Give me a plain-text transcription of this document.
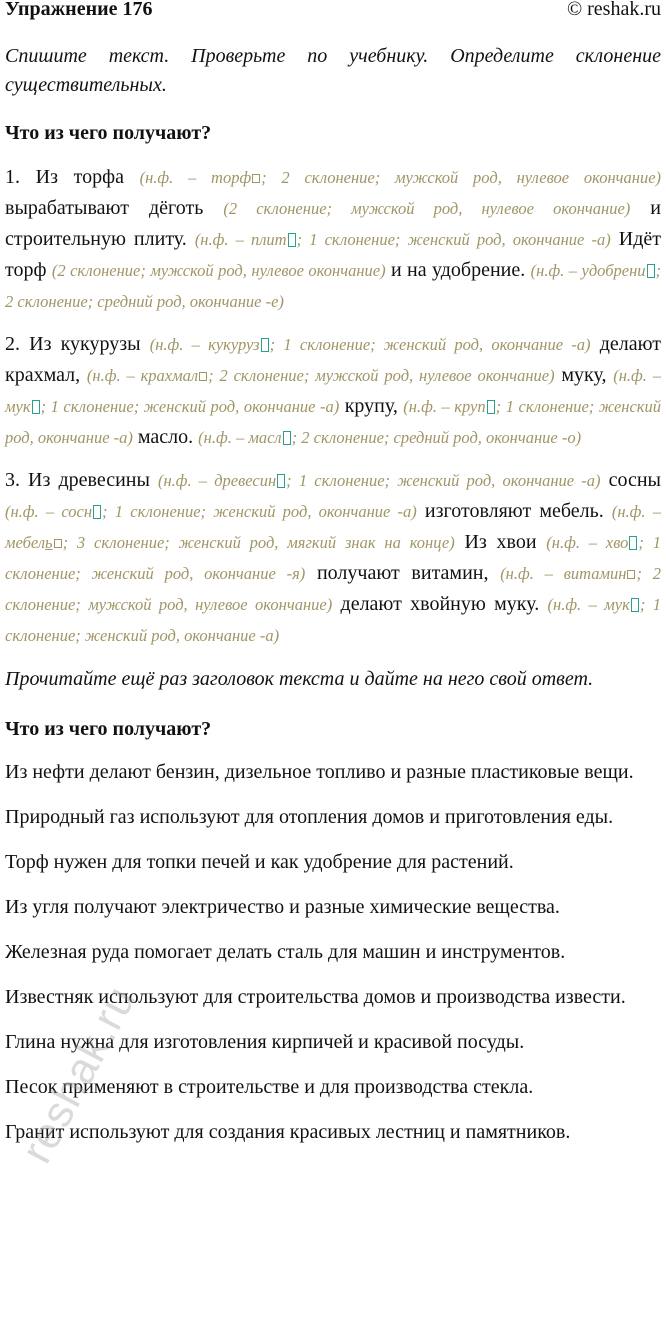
Упражнение 176	© reshak.ru

Спишите текст. Проверьте по учебнику. Определите склонение существительных.

Что из чего получают?

1. Из торфа (н.ф. – торф ; 2 склонение; мужской род, нулевое окончание) вырабатывают дёготь (2 склонение; мужской род, нулевое окончание) и строительную плиту. (н.ф. – плит ; 1 склонение; женский род, окончание -а) Идёт торф (2 склонение; мужской род, нулевое окончание) и на удобрение. (н.ф. – удобрени ; 2 склонение; средний род, окончание -е)

2. Из кукурузы (н.ф. – кукуруз ; 1 склонение; женский род, окончание -а) делают крахмал, (н.ф. – крахмал ; 2 склонение; мужской род, нулевое окончание) муку, (н.ф. – мук ; 1 склонение; женский род, окончание -а) крупу, (н.ф. – круп ; 1 склонение; женский род, окончание -а) масло. (н.ф. – масл ; 2 склонение; средний род, окончание -о)

3. Из древесины (н.ф. – древесин ; 1 склонение; женский род, окончание -а) сосны (н.ф. – сосн ; 1 склонение; женский род, окончание -а) изготовляют мебель. (н.ф. – мебель ; 3 склонение; женский род, мягкий знак на конце) Из хвои (н.ф. – хво ; 1 склонение; женский род, окончание -я) получают витамин, (н.ф. – витамин ; 2 склонение; мужской род, нулевое окончание) делают хвойную муку. (н.ф. – мук ; 1 склонение; женский род, окончание -а)

Прочитайте ещё раз заголовок текста и дайте на него свой ответ.

Что из чего получают?

Из нефти делают бензин, дизельное топливо и разные пластиковые вещи.

Природный газ используют для отопления домов и приготовления еды.

Торф нужен для топки печей и как удобрение для растений.

Из угля получают электричество и разные химические вещества.

Железная руда помогает делать сталь для машин и инструментов.

Известняк используют для строительства домов и производства извести.

Глина нужна для изготовления кирпичей и красивой посуды.

Песок применяют в строительстве и для производства стекла.

Гранит используют для создания красивых лестниц и памятников.

reshak.ru
